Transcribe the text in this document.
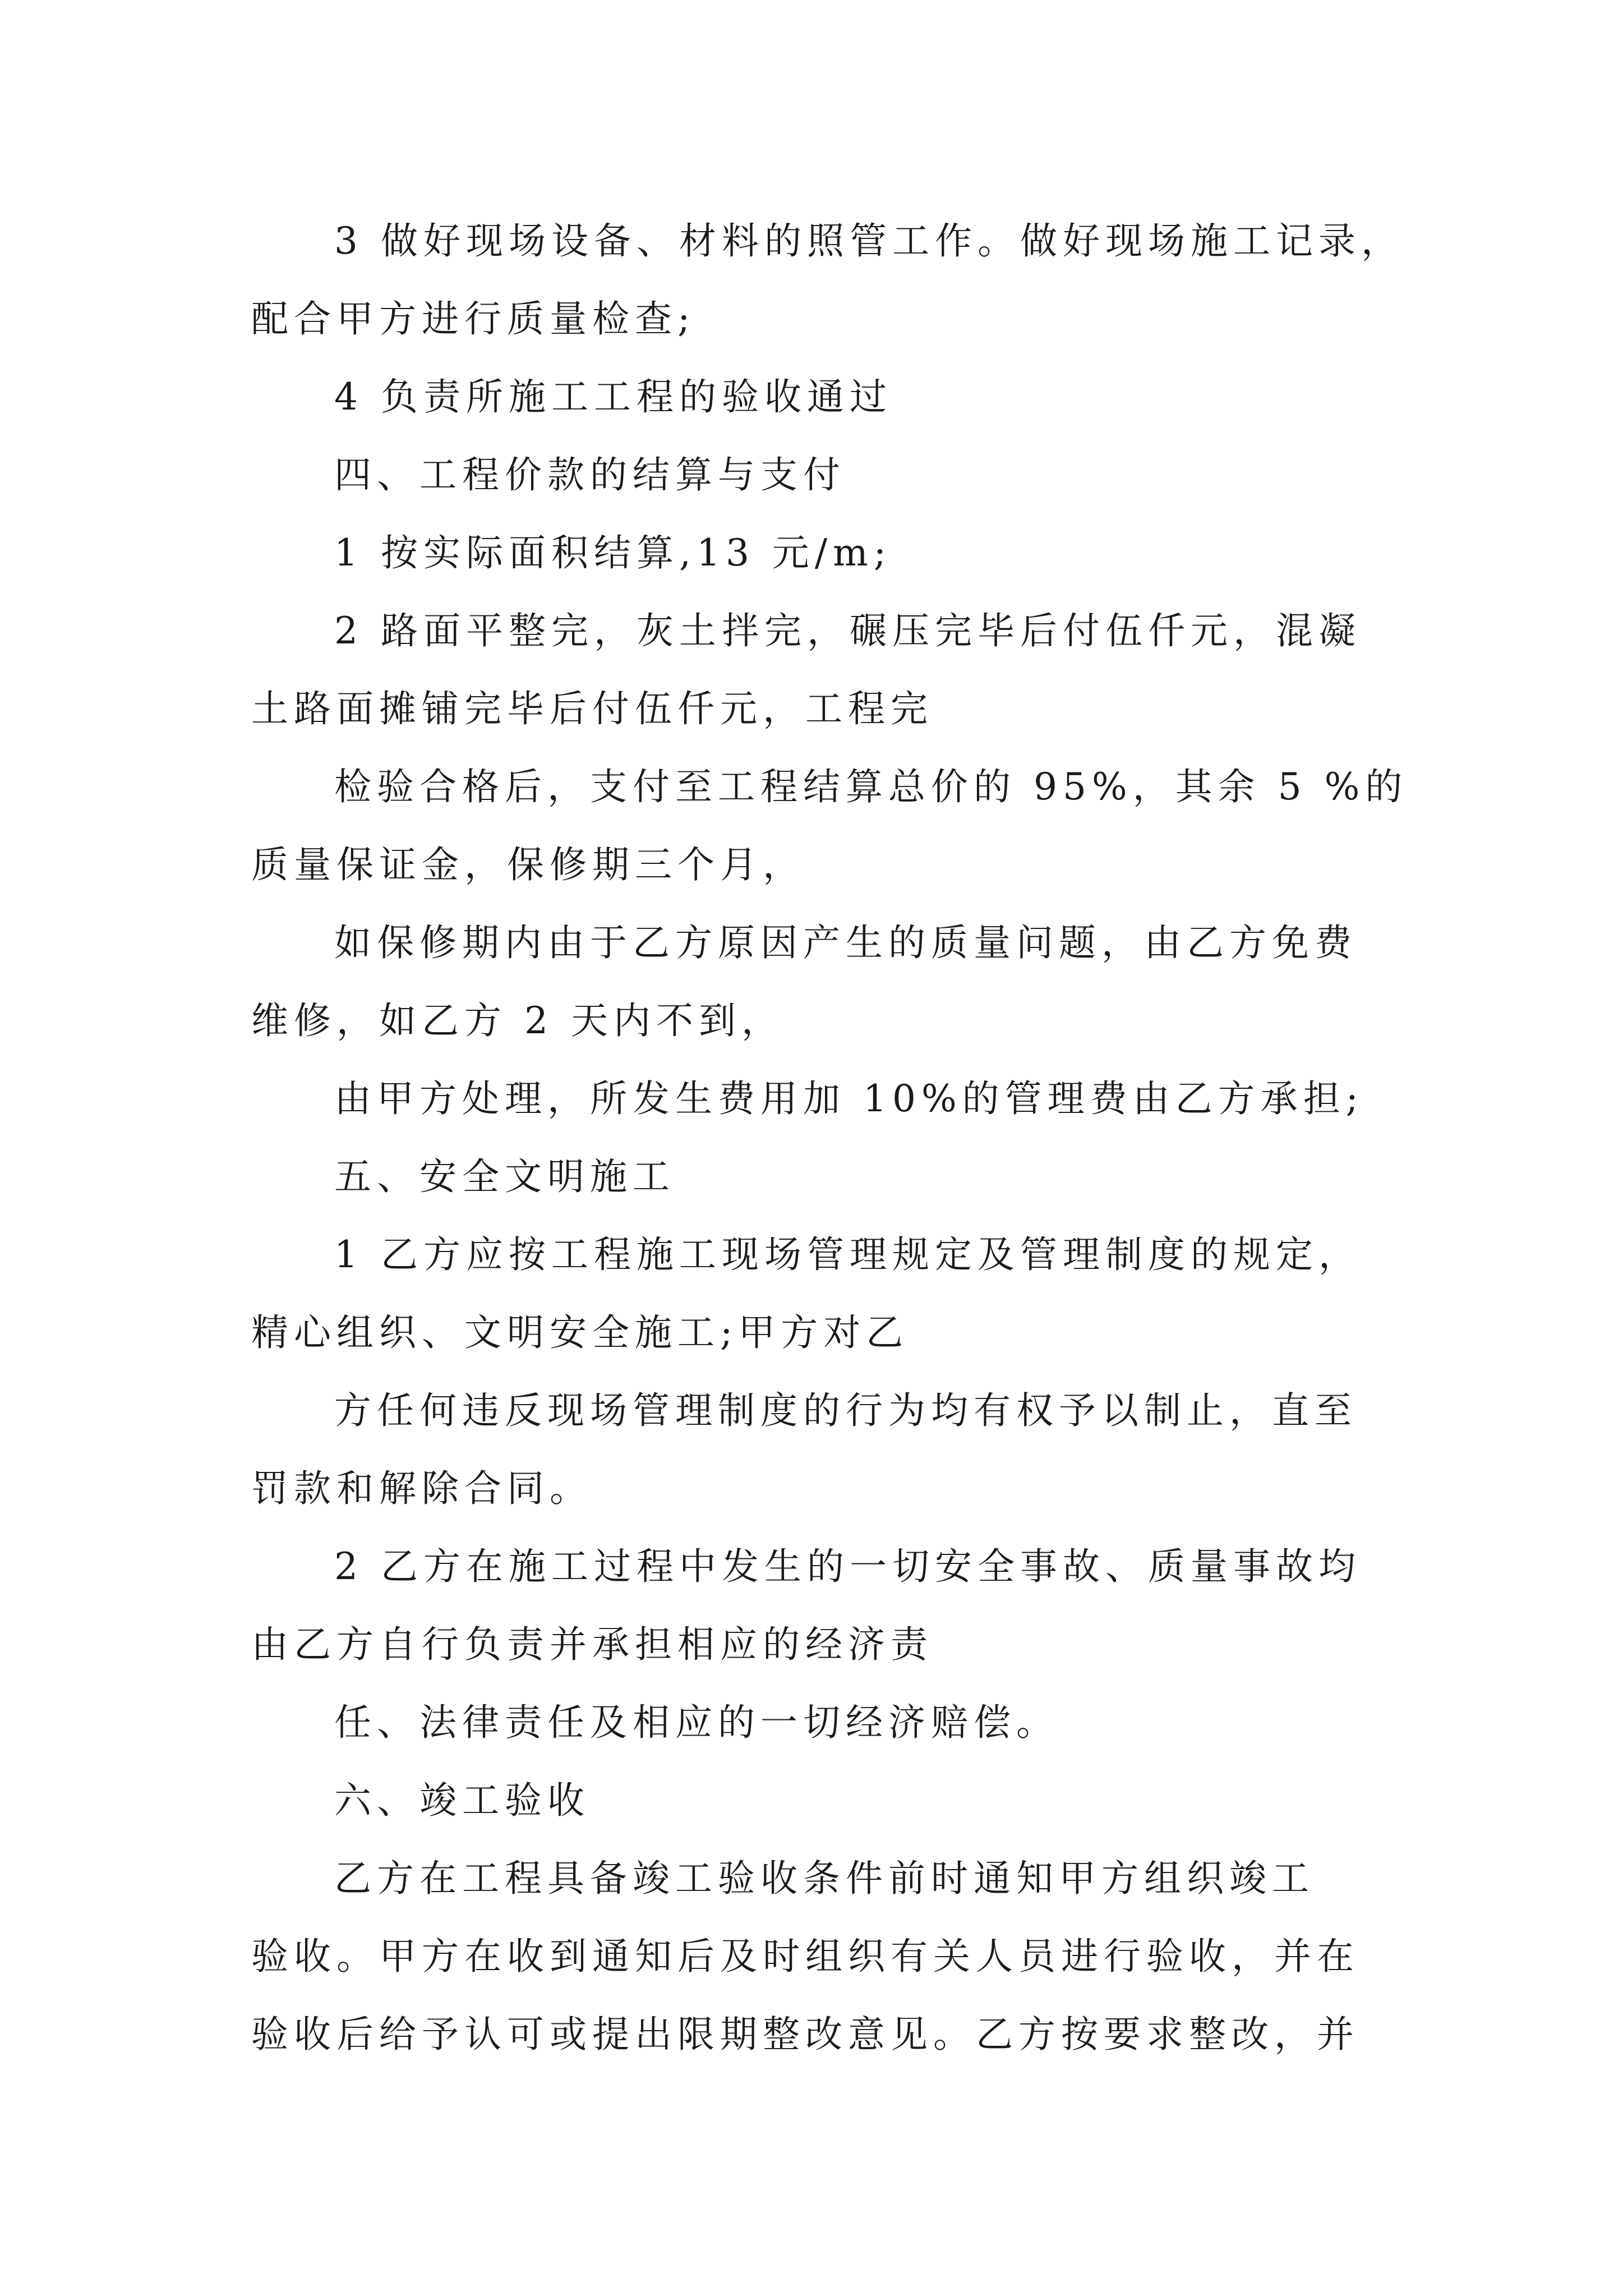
3 做好现场设备、材料的照管工作。做好现场施工记录，
配合甲方进行质量检查;
4 负责所施工工程的验收通过
四、工程价款的结算与支付
1 按实际面积结算,13 元/m;
2 路面平整完，灰土拌完，碾压完毕后付伍仟元，混凝
土路面摊铺完毕后付伍仟元，工程完
检验合格后，支付至工程结算总价的 95%，其余 5 %的
质量保证金，保修期三个月，
如保修期内由于乙方原因产生的质量问题，由乙方免费
维修，如乙方 2 天内不到，
由甲方处理，所发生费用加 10%的管理费由乙方承担;
五、安全文明施工
1 乙方应按工程施工现场管理规定及管理制度的规定，
精心组织、文明安全施工;甲方对乙
方任何违反现场管理制度的行为均有权予以制止，直至
罚款和解除合同。
2 乙方在施工过程中发生的一切安全事故、质量事故均
由乙方自行负责并承担相应的经济责
任、法律责任及相应的一切经济赔偿。
六、竣工验收
乙方在工程具备竣工验收条件前时通知甲方组织竣工
验收。甲方在收到通知后及时组织有关人员进行验收，并在
验收后给予认可或提出限期整改意见。乙方按要求整改，并
